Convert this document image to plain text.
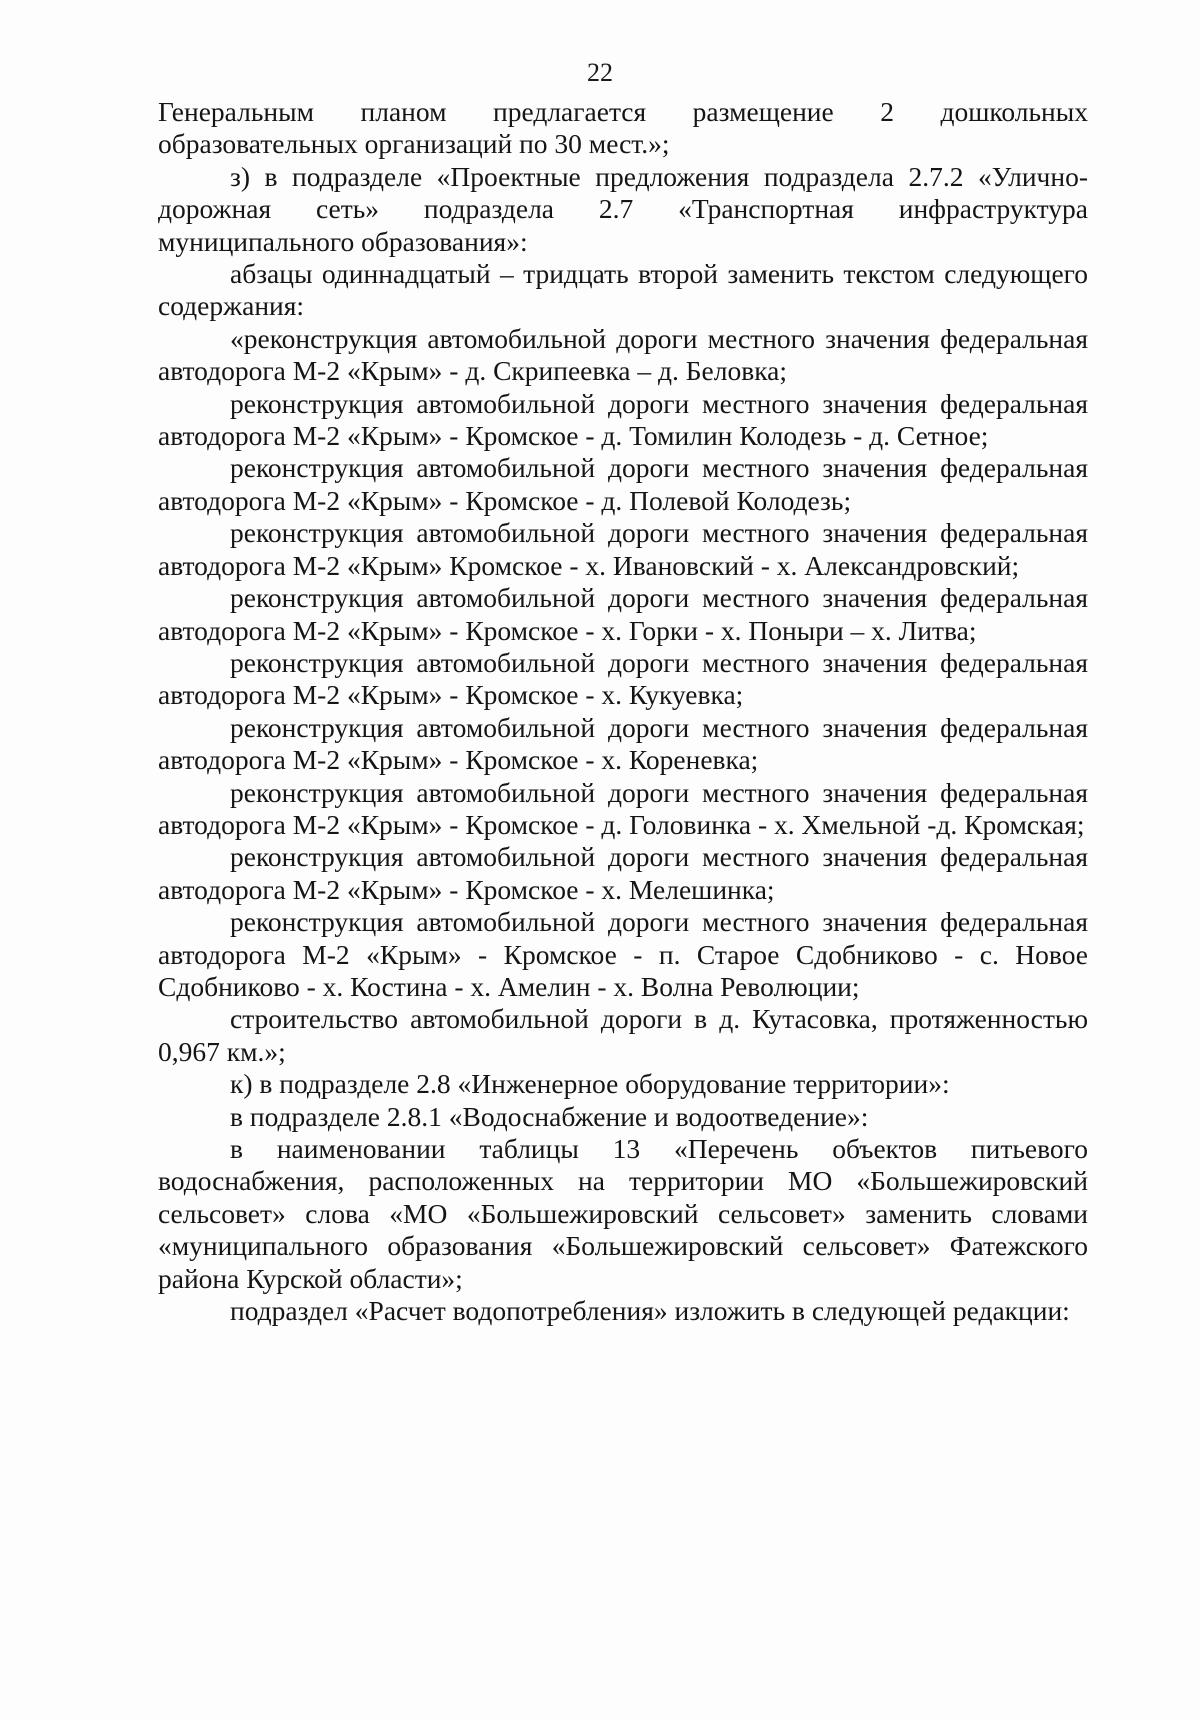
22

Генеральным планом предлагается размещение 2 дошкольных образовательных организаций по 30 мест.»;

з) в подразделе «Проектные предложения подраздела 2.7.2 «Улично-дорожная сеть» подраздела 2.7 «Транспортная инфраструктура муниципального образования»:

абзацы одиннадцатый – тридцать второй заменить текстом следующего содержания:

«реконструкция автомобильной дороги местного значения федеральная автодорога М-2 «Крым» - д. Скрипеевка – д. Беловка;

реконструкция автомобильной дороги местного значения федеральная автодорога М-2 «Крым» - Кромское - д. Томилин Колодезь - д. Сетное;

реконструкция автомобильной дороги местного значения федеральная автодорога М-2 «Крым» - Кромское - д. Полевой Колодезь;

реконструкция автомобильной дороги местного значения федеральная автодорога М-2 «Крым» Кромское - х. Ивановский - х. Александровский;

реконструкция автомобильной дороги местного значения федеральная автодорога М-2 «Крым» - Кромское - х. Горки - х. Поныри – х. Литва;

реконструкция автомобильной дороги местного значения федеральная автодорога М-2 «Крым» - Кромское - х. Кукуевка;

реконструкция автомобильной дороги местного значения федеральная автодорога М-2 «Крым» - Кромское - х. Кореневка;

реконструкция автомобильной дороги местного значения федеральная автодорога М-2 «Крым» - Кромское - д. Головинка - х. Хмельной -д. Кромская;

реконструкция автомобильной дороги местного значения федеральная автодорога М-2 «Крым» - Кромское - х. Мелешинка;

реконструкция автомобильной дороги местного значения федеральная автодорога М-2 «Крым» - Кромское - п. Старое Сдобниково - с. Новое Сдобниково - х. Костина - х. Амелин - х. Волна Революции;

строительство автомобильной дороги в д. Кутасовка, протяженностью 0,967 км.»;

к) в подразделе 2.8 «Инженерное оборудование территории»:

в подразделе 2.8.1 «Водоснабжение и водоотведение»:

в наименовании таблицы 13 «Перечень объектов питьевого водоснабжения, расположенных на территории МО «Большежировский сельсовет» слова «МО «Большежировский сельсовет» заменить словами «муниципального образования «Большежировский сельсовет» Фатежского района Курской области»;

подраздел «Расчет водопотребления» изложить в следующей редакции:
